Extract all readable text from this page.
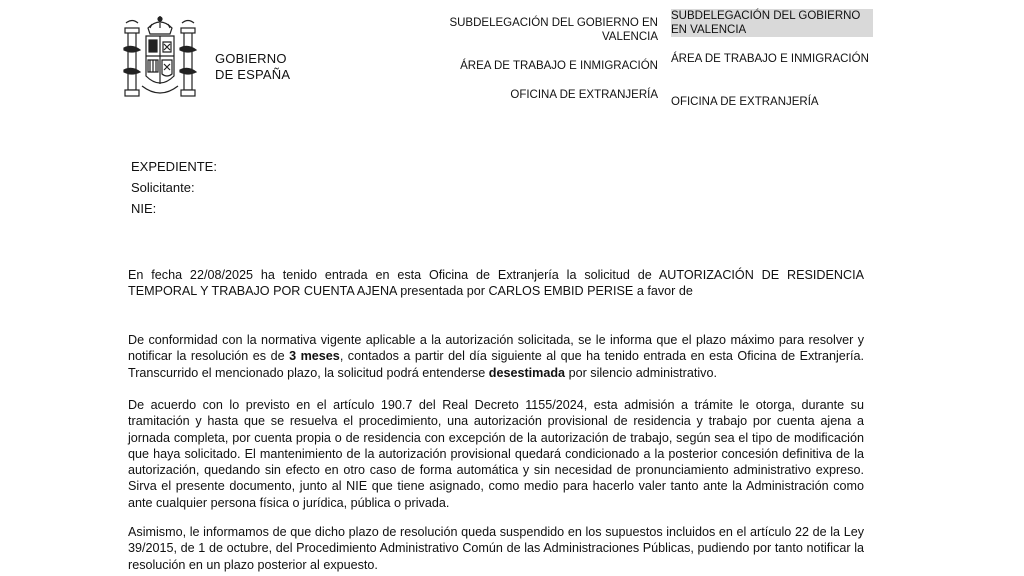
GOBIERNO
DE ESPAÑA
SUBDELEGACIÓN DEL GOBIERNO EN VALENCIA
ÁREA DE TRABAJO E INMIGRACIÓN
OFICINA DE EXTRANJERÍA
SUBDELEGACIÓN DEL GOBIERNO EN VALENCIA
ÁREA DE TRABAJO E INMIGRACIÓN
OFICINA DE EXTRANJERÍA
EXPEDIENTE:
Solicitante:
NIE:

En fecha 22/08/2025 ha tenido entrada en esta Oficina de Extranjería la solicitud de AUTORIZACIÓN DE RESIDENCIA TEMPORAL Y TRABAJO POR CUENTA AJENA presentada por CARLOS EMBID PERISE a favor de

De conformidad con la normativa vigente aplicable a la autorización solicitada, se le informa que el plazo máximo para resolver y notificar la resolución es de 3 meses, contados a partir del día siguiente al que ha tenido entrada en esta Oficina de Extranjería. Transcurrido el mencionado plazo, la solicitud podrá entenderse desestimada por silencio administrativo.

De acuerdo con lo previsto en el artículo 190.7 del Real Decreto 1155/2024, esta admisión a trámite le otorga, durante su tramitación y hasta que se resuelva el procedimiento, una autorización provisional de residencia y trabajo por cuenta ajena a jornada completa, por cuenta propia o de residencia con excepción de la autorización de trabajo, según sea el tipo de modificación que haya solicitado. El mantenimiento de la autorización provisional quedará condicionado a la posterior concesión definitiva de la autorización, quedando sin efecto en otro caso de forma automática y sin necesidad de pronunciamiento administrativo expreso. Sirva el presente documento, junto al NIE que tiene asignado, como medio para hacerlo valer tanto ante la Administración como ante cualquier persona física o jurídica, pública o privada.

Asimismo, le informamos de que dicho plazo de resolución queda suspendido en los supuestos incluidos en el artículo 22 de la Ley 39/2015, de 1 de octubre, del Procedimiento Administrativo Común de las Administraciones Públicas, pudiendo por tanto notificar la resolución en un plazo posterior al expuesto.
